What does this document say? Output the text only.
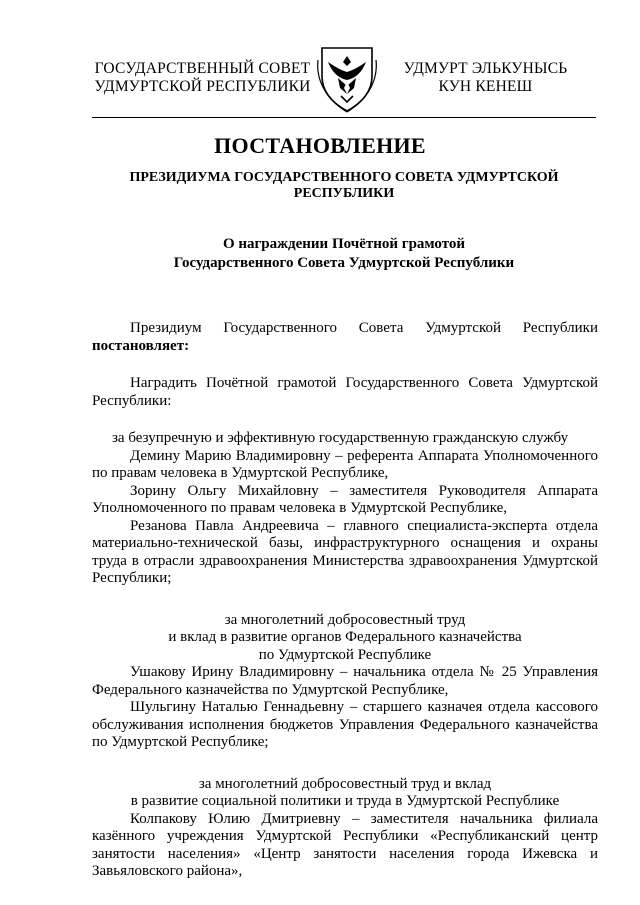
ГОСУДАРСТВЕННЫЙ СОВЕТ
УДМУРТСКОЙ РЕСПУБЛИКИ
УДМУРТ ЭЛЬКУНЫСЬ
КУН КЕНЕШ
ПОСТАНОВЛЕНИЕ
ПРЕЗИДИУМА ГОСУДАРСТВЕННОГО СОВЕТА УДМУРТСКОЙ РЕСПУБЛИКИ
О награждении Почётной грамотой
Государственного Совета Удмуртской Республики

Президиум Государственного Совета Удмуртской Республики

постановляет:

Наградить Почётной грамотой Государственного Совета Удмуртской Республики:

за безупречную и эффективную государственную гражданскую службу

Демину Марию Владимировну – референта Аппарата Уполномоченного по правам человека в Удмуртской Республике,

Зорину Ольгу Михайловну – заместителя Руководителя Аппарата Уполномоченного по правам человека в Удмуртской Республике,

Резанова Павла Андреевича – главного специалиста-эксперта отдела материально-технической базы, инфраструктурного оснащения и охраны труда в отрасли здравоохранения Министерства здравоохранения Удмуртской Республики;

за многолетний добросовестный труд

и вклад в развитие органов Федерального казначейства

по Удмуртской Республике

Ушакову Ирину Владимировну – начальника отдела № 25 Управления Федерального казначейства по Удмуртской Республике,

Шульгину Наталью Геннадьевну – старшего казначея отдела кассового обслуживания исполнения бюджетов Управления Федерального казначейства по Удмуртской Республике;

за многолетний добросовестный труд и вклад

в развитие социальной политики и труда в Удмуртской Республике

Колпакову Юлию Дмитриевну – заместителя начальника филиала казённого учреждения Удмуртской Республики «Республиканский центр занятости населения» «Центр занятости населения города Ижевска и Завьяловского района»,
